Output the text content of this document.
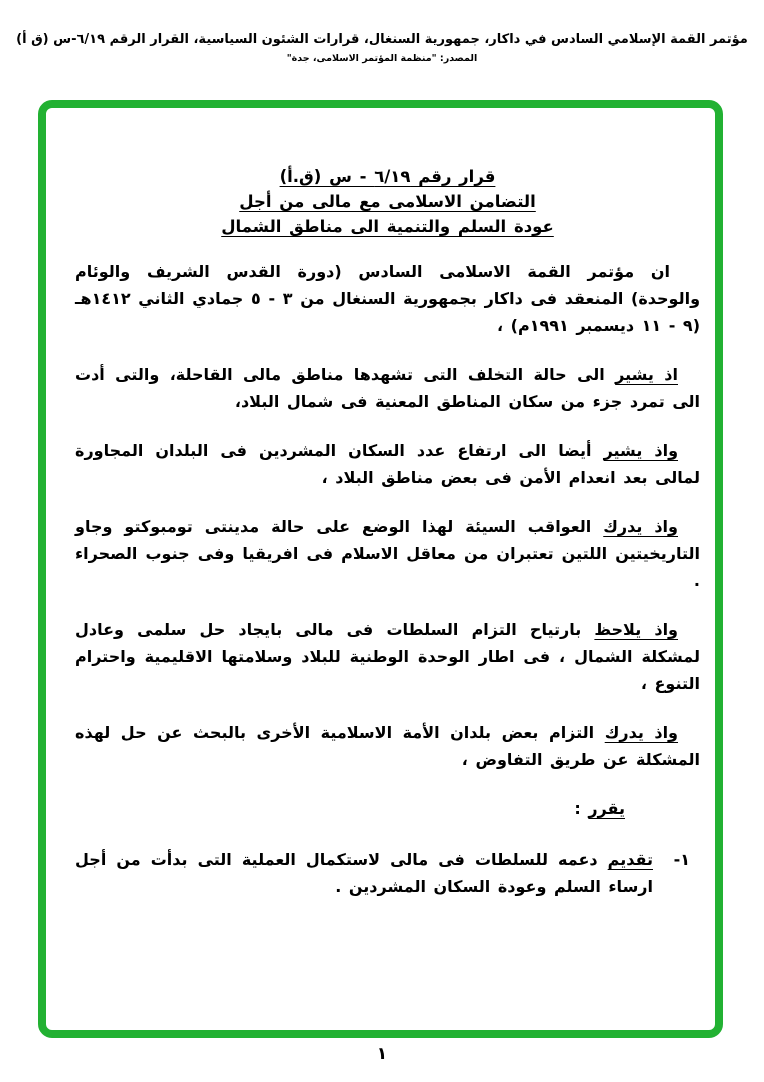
مؤتمر القمة الإسلامي السادس في داكار، جمهورية السنغال، قرارات الشئون السياسية، القرار الرقم ٦/١٩-س (ق أ)
المصدر: "منظمة المؤتمر الاسلامى، جدة"
قرار رقم ٦/١٩ - س (ق.أ)
التضامن الاسلامى مع مالى من أجل
عودة السلم والتنمية الى مناطق الشمال

ان مؤتمر القمة الاسلامى السادس (دورة القدس الشريف والوئام والوحدة) المنعقد فى داكار بجمهورية السنغال من ٣ - ٥ جمادي الثاني ١٤١٢هـ (٩ - ١١ ديسمبر ١٩٩١م) ،

اذ يشير الى حالة التخلف التى تشهدها مناطق مالى القاحلة، والتى أدت الى تمرد جزء من سكان المناطق المعنية فى شمال البلاد،

واذ يشير أيضا الى ارتفاع عدد السكان المشردين فى البلدان المجاورة لمالى بعد انعدام الأمن فى بعض مناطق البلاد ،

واذ يدرك العواقب السيئة لهذا الوضع على حالة مدينتى تومبوكتو وجاو التاريخيتين اللتين تعتبران من معاقل الاسلام فى افريقيا وفى جنوب الصحراء .

واذ يلاحظ بارتياح التزام السلطات فى مالى بايجاد حل سلمى وعادل لمشكلة الشمال ، فى اطار الوحدة الوطنية للبلاد وسلامتها الاقليمية واحترام التنوع ،

واذ يدرك التزام بعض بلدان الأمة الاسلامية الأخرى بالبحث عن حل لهذه المشكلة عن طريق التفاوض ،

يقرر :
١-

تقديم دعمه للسلطات فى مالى لاستكمال العملية التى بدأت من أجل ارساء السلم وعودة السكان المشردين .

١
